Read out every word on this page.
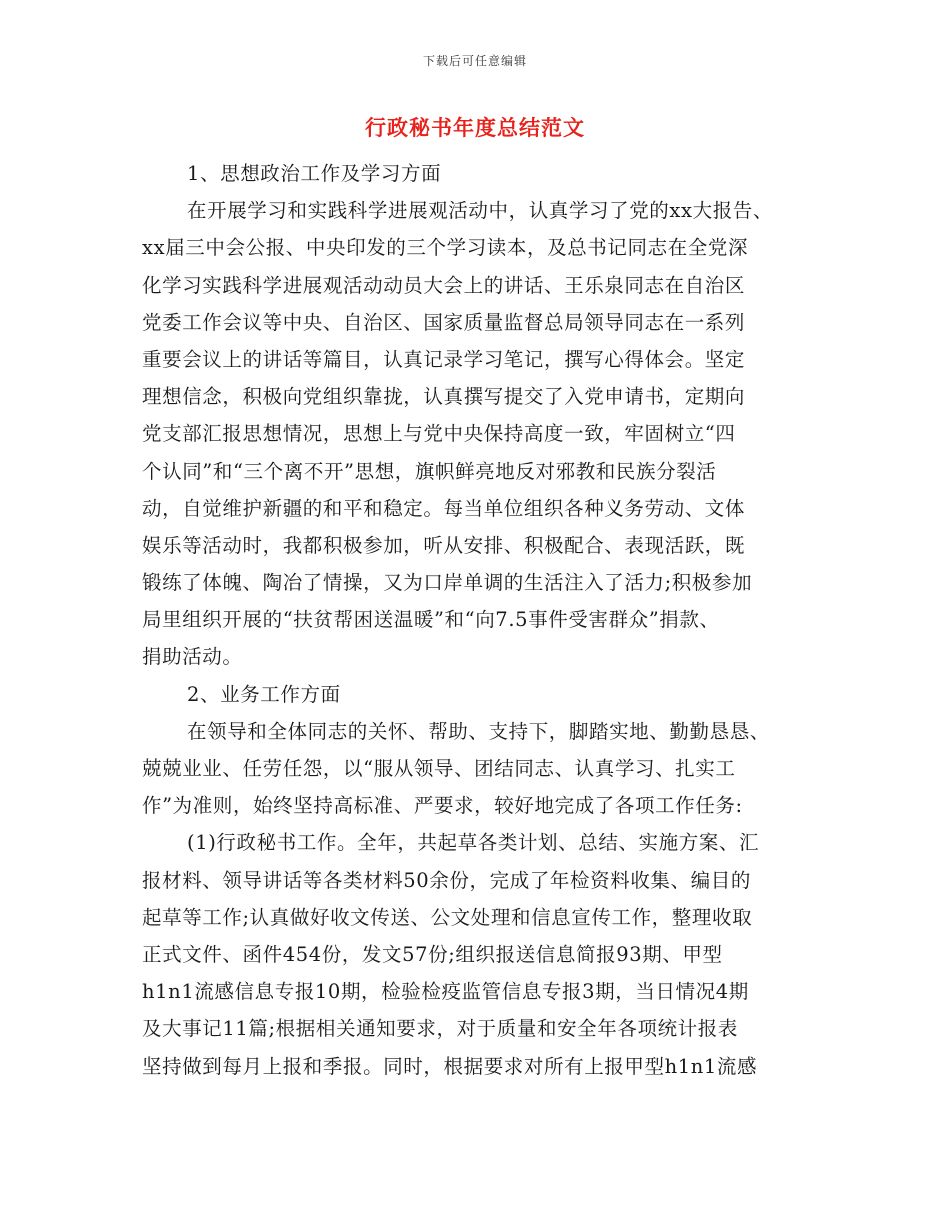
下载后可任意编辑
行政秘书年度总结范文
1、思想政治工作及学习方面
在开展学习和实践科学进展观活动中，认真学习了党的xx大报告、
xx届三中会公报、中央印发的三个学习读本，及总书记同志在全党深
化学习实践科学进展观活动动员大会上的讲话、王乐泉同志在自治区
党委工作会议等中央、自治区、国家质量监督总局领导同志在一系列
重要会议上的讲话等篇目，认真记录学习笔记，撰写心得体会。坚定
理想信念，积极向党组织靠拢，认真撰写提交了入党申请书，定期向
党支部汇报思想情况，思想上与党中央保持高度一致，牢固树立“四
个认同”和“三个离不开”思想，旗帜鲜亮地反对邪教和民族分裂活
动，自觉维护新疆的和平和稳定。每当单位组织各种义务劳动、文体
娱乐等活动时，我都积极参加，听从安排、积极配合、表现活跃，既
锻练了体魄、陶冶了情操，又为口岸单调的生活注入了活力;积极参加
局里组织开展的“扶贫帮困送温暖”和“向7.5事件受害群众”捐款、
捐助活动。
2、业务工作方面
在领导和全体同志的关怀、帮助、支持下，脚踏实地、勤勤恳恳、
兢兢业业、任劳任怨，以“服从领导、团结同志、认真学习、扎实工
作”为准则，始终坚持高标准、严要求，较好地完成了各项工作任务:
(1)行政秘书工作。全年，共起草各类计划、总结、实施方案、汇
报材料、领导讲话等各类材料50余份，完成了年检资料收集、编目的
起草等工作;认真做好收文传送、公文处理和信息宣传工作，整理收取
正式文件、函件454份，发文57份;组织报送信息简报93期、甲型
h1n1流感信息专报10期，检验检疫监管信息专报3期，当日情况4期
及大事记11篇;根据相关通知要求，对于质量和安全年各项统计报表
坚持做到每月上报和季报。同时，根据要求对所有上报甲型h1n1流感
